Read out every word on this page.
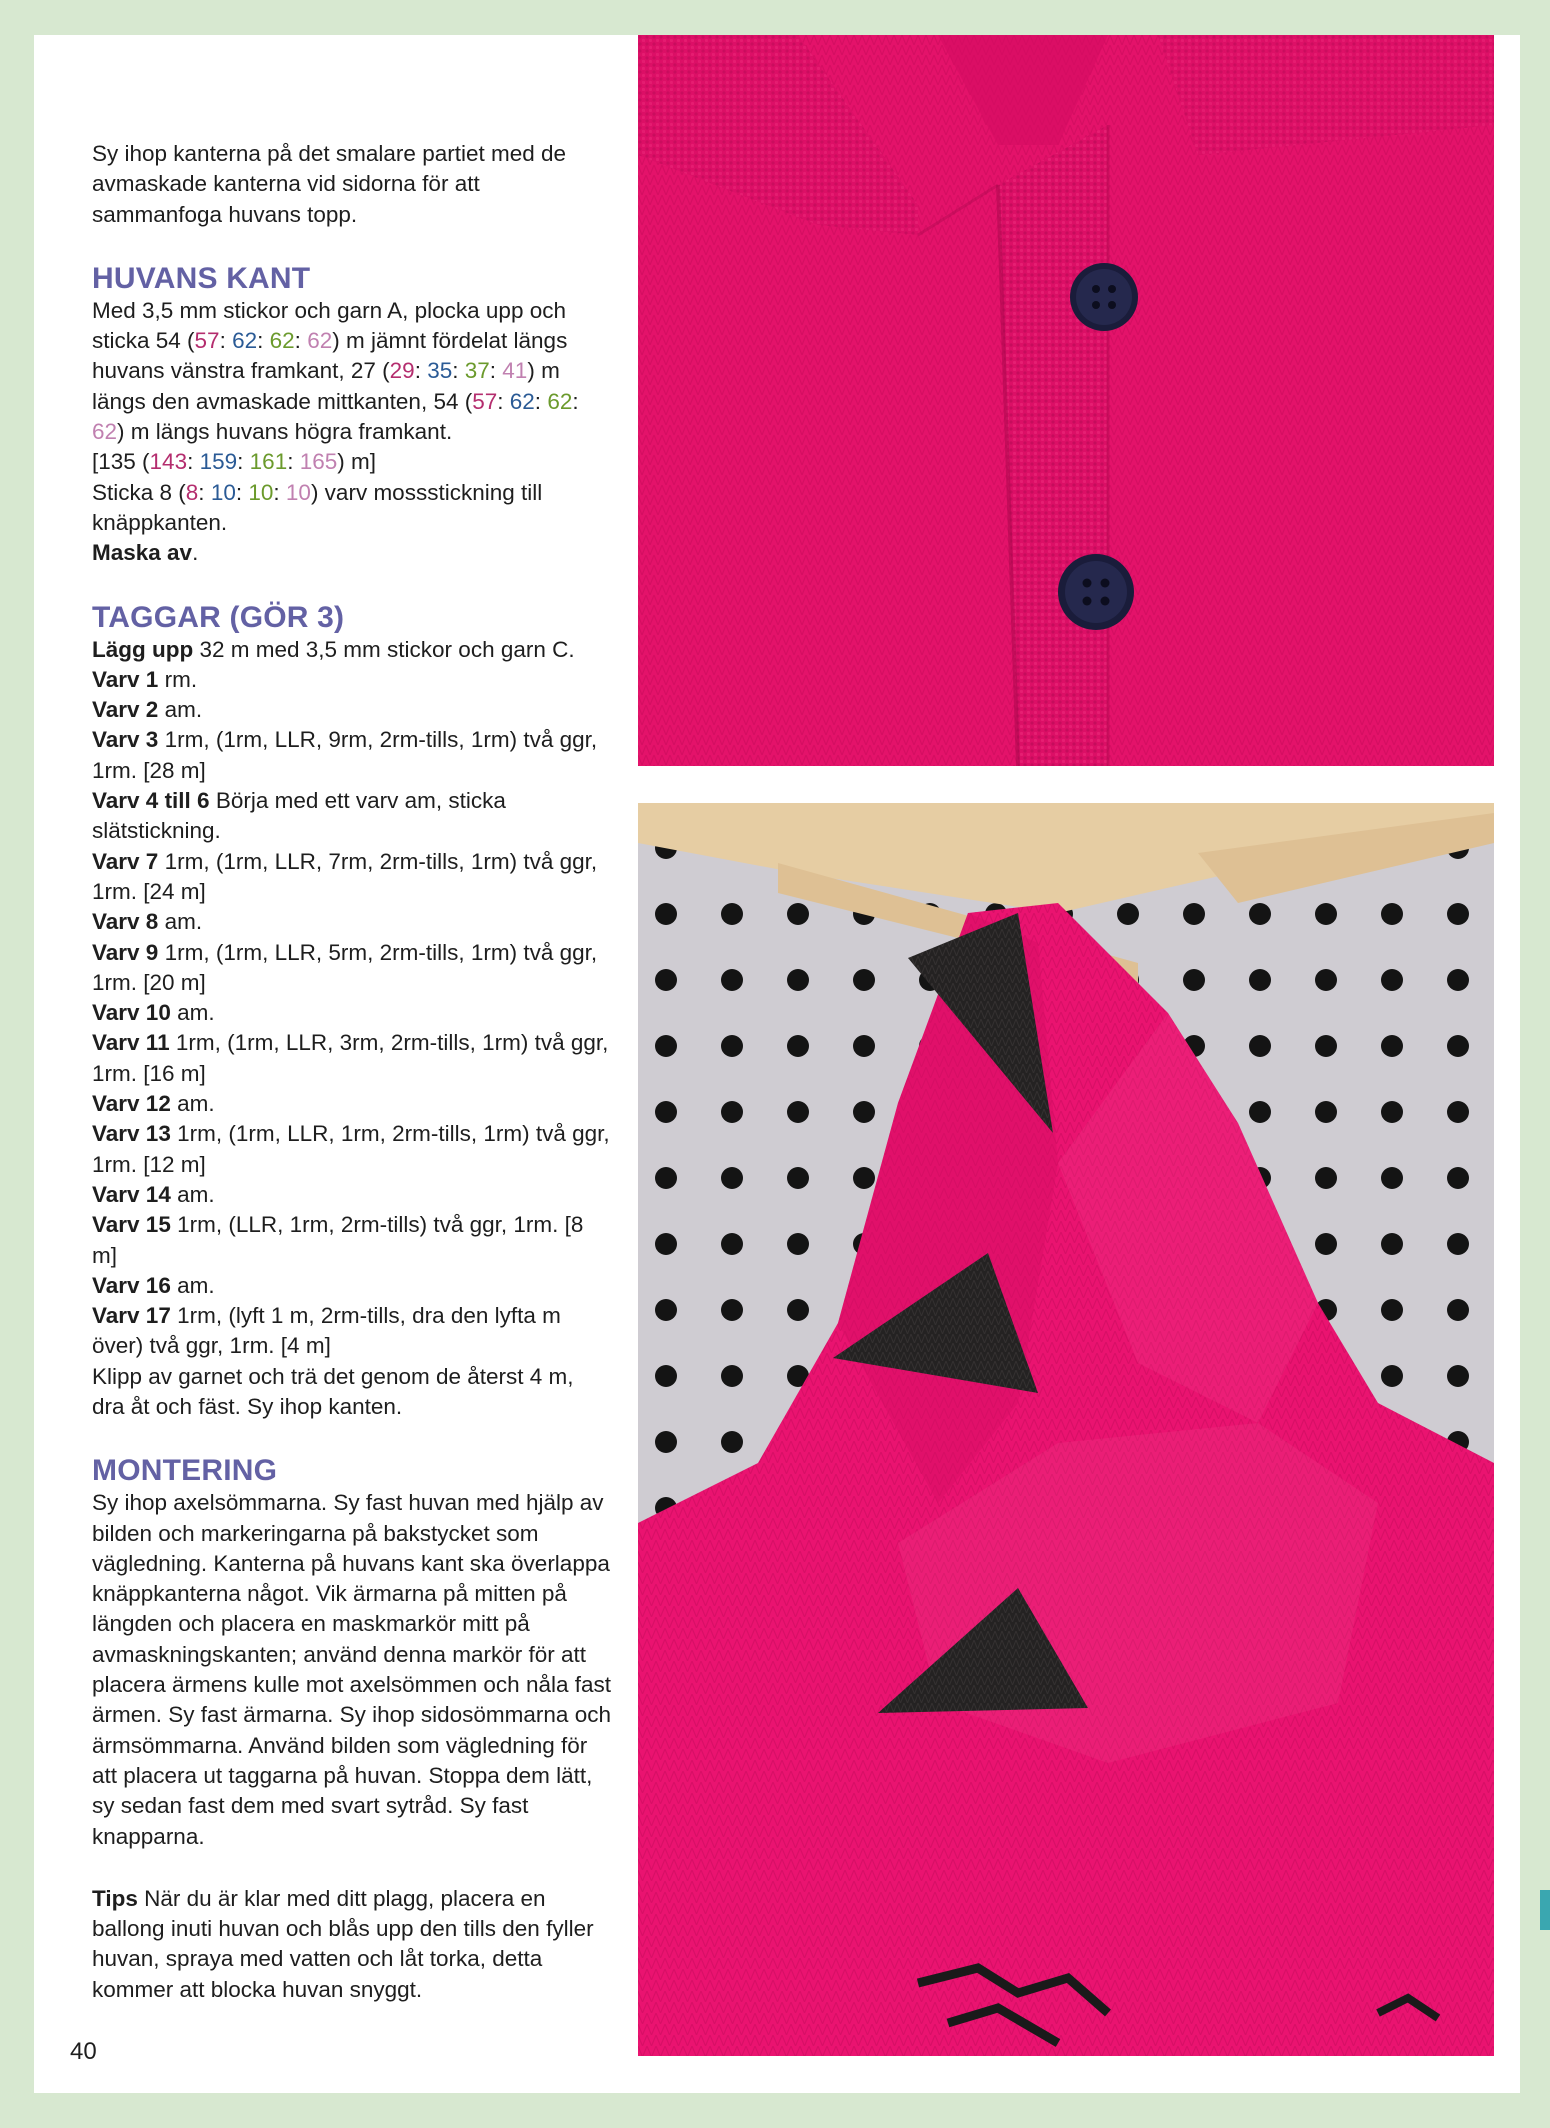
Sy ihop kanterna på det smalare partiet med de avmaskade kanterna vid sidorna för att sammanfoga huvans topp.

HUVANS KANT

Med 3,5 mm stickor och garn A, plocka upp och sticka 54 (57: 62: 62: 62) m jämnt fördelat längs huvans vänstra framkant, 27 (29: 35: 37: 41) m längs den avmaskade mittkanten, 54 (57: 62: 62: 62) m längs huvans högra framkant.

[135 (143: 159: 161: 165) m]

Sticka 8 (8: 10: 10: 10) varv mossstickning till knäppkanten.

Maska av.

TAGGAR (GÖR 3)

Lägg upp 32 m med 3,5 mm stickor och garn C.

Varv 1 rm.

Varv 2 am.

Varv 3 1rm, (1rm, LLR, 9rm, 2rm-tills, 1rm) två ggr, 1rm. [28 m]

Varv 4 till 6 Börja med ett varv am, sticka slätstickning.

Varv 7 1rm, (1rm, LLR, 7rm, 2rm-tills, 1rm) två ggr, 1rm. [24 m]

Varv 8 am.

Varv 9 1rm, (1rm, LLR, 5rm, 2rm-tills, 1rm) två ggr, 1rm. [20 m]

Varv 10 am.

Varv 11 1rm, (1rm, LLR, 3rm, 2rm-tills, 1rm) två ggr, 1rm. [16 m]

Varv 12 am.

Varv 13 1rm, (1rm, LLR, 1rm, 2rm-tills, 1rm) två ggr, 1rm. [12 m]

Varv 14 am.

Varv 15 1rm, (LLR, 1rm, 2rm-tills) två ggr, 1rm. [8 m]

Varv 16 am.

Varv 17 1rm, (lyft 1 m, 2rm-tills, dra den lyfta m över) två ggr, 1rm. [4 m]

Klipp av garnet och trä det genom de återst 4 m, dra åt och fäst. Sy ihop kanten.

MONTERING

Sy ihop axelsömmarna. Sy fast huvan med hjälp av bilden och markeringarna på bakstycket som vägledning. Kanterna på huvans kant ska överlappa knäppkanterna något. Vik ärmarna på mitten på längden och placera en maskmarkör mitt på avmaskningskanten; använd denna markör för att placera ärmens kulle mot axelsömmen och nåla fast ärmen. Sy fast ärmarna. Sy ihop sidosömmarna och ärmsömmarna. Använd bilden som vägledning för att placera ut taggarna på huvan. Stoppa dem lätt, sy sedan fast dem med svart sytråd. Sy fast knapparna.

Tips När du är klar med ditt plagg, placera en ballong inuti huvan och blås upp den tills den fyller huvan, spraya med vatten och låt torka, detta kommer att blocka huvan snyggt.

40
